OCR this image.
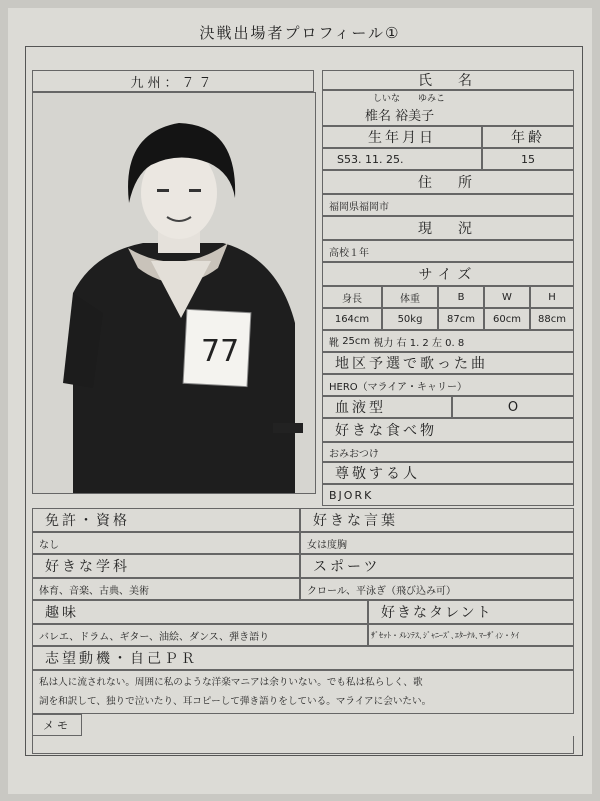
決戦出場者プロフィール①
九州：７７
77
氏　名
しいな　　ゆみこ
椎名 裕美子
生年月日	年齢
S53. 11. 25.	15
住　所
福岡県福岡市
現　況
高校１年
サイズ
身長	体重	B	W	H
164cm	50kg	87cm	60cm	88cm
靴
25cm
視力
右 1. 2 左 0. 8
地区予選で歌った曲
HERO（マライア・キャリー）
血液型	O
好きな食べ物
おみおつけ
尊敬する人
BJORK
免許・資格	好きな言葉
なし	女は度胸
好きな学科	スポーツ
体育、音楽、古典、美術	クロール、平泳ぎ（飛び込み可）
趣味	好きなタレント
バレエ、ドラム、ギター、油絵、ダンス、弾き語り	ｻﾞｾｯﾄ・ﾒﾚﾝﾃｽ､ｼﾞｬﾆｰｽﾞ､ｴﾀｰﾅﾙ､ﾏｰｻﾞｨﾝ・ｹｲ
志望動機・自己ＰＲ
私は人に流されない。周囲に私のような洋楽マニアは余りいない。でも私は私らしく、歌
詞を和訳して、独りで泣いたり、耳コピーして弾き語りをしている。マライアに会いたい。
メモ
